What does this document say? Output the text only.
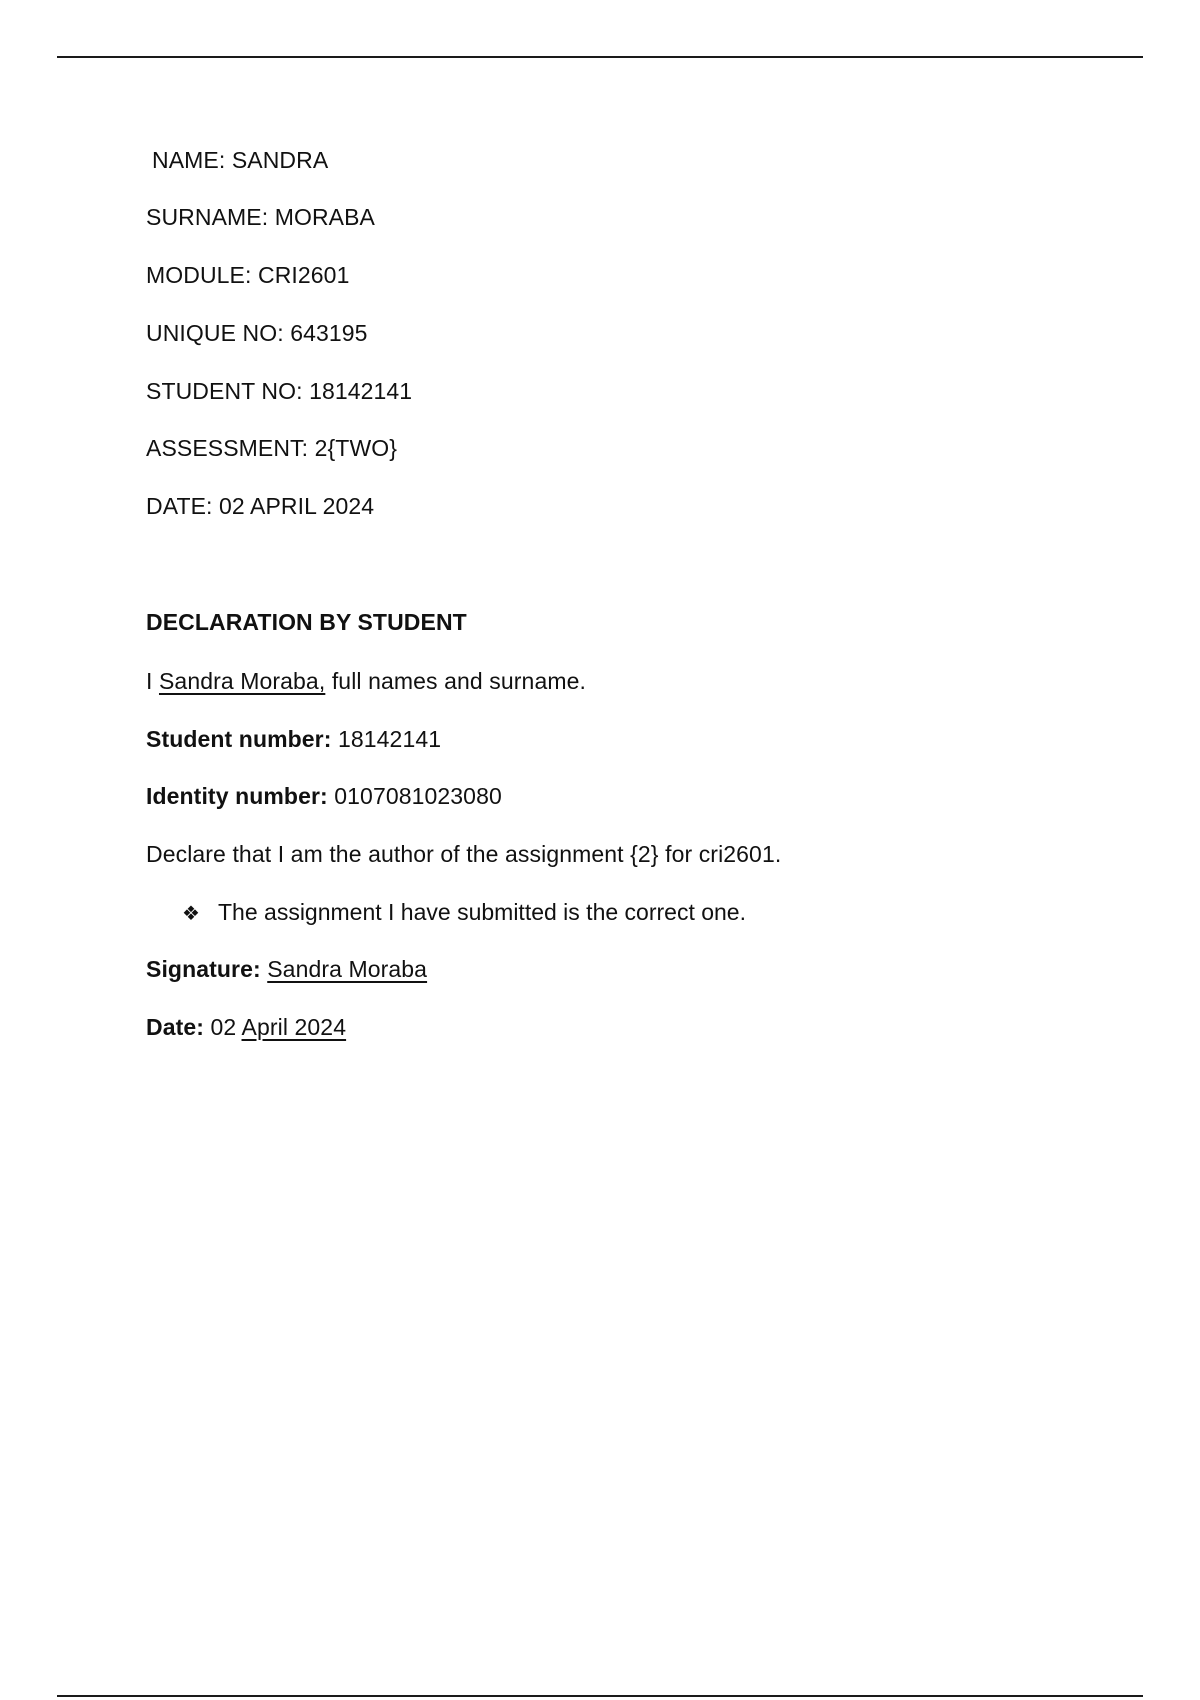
NAME: SANDRA
SURNAME: MORABA
MODULE: CRI2601
UNIQUE NO: 643195
STUDENT NO: 18142141
ASSESSMENT: 2{TWO}
DATE: 02 APRIL 2024
DECLARATION BY STUDENT
I Sandra Moraba, full names and surname.
Student number: 18142141
Identity number: 0107081023080
Declare that I am the author of the assignment {2} for cri2601.
❖ The assignment I have submitted is the correct one.
Signature: Sandra Moraba
Date: 02 April 2024
